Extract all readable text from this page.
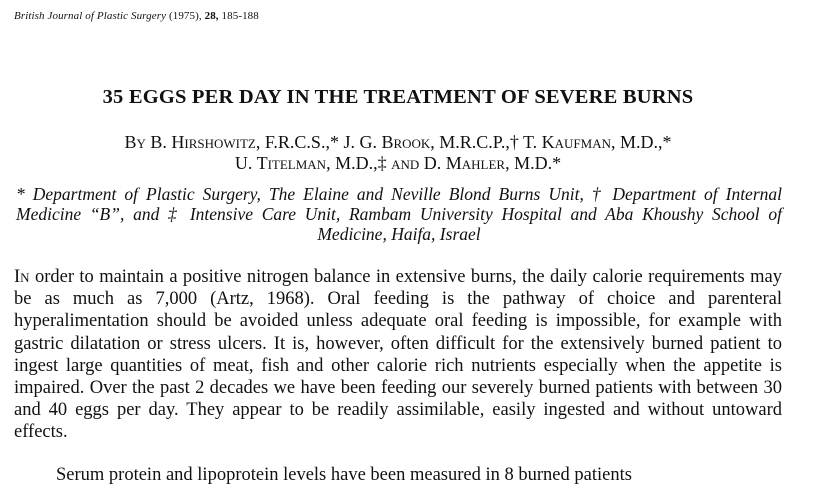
British Journal of Plastic Surgery (1975), 28, 185-188
35 EGGS PER DAY IN THE TREATMENT OF SEVERE BURNS
By B. Hirshowitz, F.R.C.S.,* J. G. Brook, M.R.C.P.,† T. Kaufman, M.D.,*
U. Titelman, M.D.,‡ and D. Mahler, M.D.*
* Department of Plastic Surgery, The Elaine and Neville Blond Burns Unit, † Department of Internal Medicine “B”, and ‡ Intensive Care Unit, Rambam University Hospital and Aba Khoushy School of Medicine, Haifa, Israel

In order to maintain a positive nitrogen balance in extensive burns, the daily calorie requirements may be as much as 7,000 (Artz, 1968). Oral feeding is the pathway of choice and parenteral hyperalimentation should be avoided unless adequate oral feeding is impossible, for example with gastric dilatation or stress ulcers. It is, however, often difficult for the extensively burned patient to ingest large quantities of meat, fish and other calorie rich nutrients especially when the appetite is impaired. Over the past 2 decades we have been feeding our severely burned patients with between 30 and 40 eggs per day. They appear to be readily assimilable, easily ingested and without untoward effects.

Serum protein and lipoprotein levels have been measured in 8 burned patients
